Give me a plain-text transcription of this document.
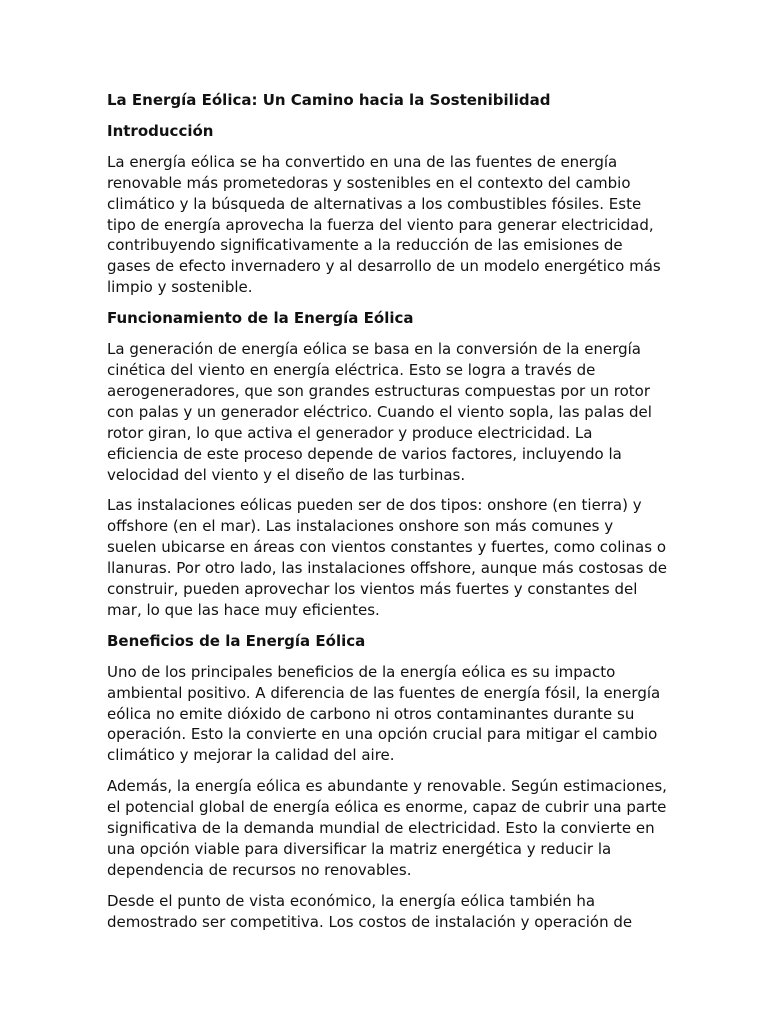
La Energía Eólica: Un Camino hacia la Sostenibilidad
Introducción
La energía eólica se ha convertido en una de las fuentes de energía renovable más prometedoras y sostenibles en el contexto del cambio climático y la búsqueda de alternativas a los combustibles fósiles. Este tipo de energía aprovecha la fuerza del viento para generar electricidad, contribuyendo significativamente a la reducción de las emisiones de gases de efecto invernadero y al desarrollo de un modelo energético más limpio y sostenible.
Funcionamiento de la Energía Eólica
La generación de energía eólica se basa en la conversión de la energía cinética del viento en energía eléctrica. Esto se logra a través de aerogeneradores, que son grandes estructuras compuestas por un rotor con palas y un generador eléctrico. Cuando el viento sopla, las palas del rotor giran, lo que activa el generador y produce electricidad. La eficiencia de este proceso depende de varios factores, incluyendo la velocidad del viento y el diseño de las turbinas.
Las instalaciones eólicas pueden ser de dos tipos: onshore (en tierra) y offshore (en el mar). Las instalaciones onshore son más comunes y suelen ubicarse en áreas con vientos constantes y fuertes, como colinas o llanuras. Por otro lado, las instalaciones offshore, aunque más costosas de construir, pueden aprovechar los vientos más fuertes y constantes del mar, lo que las hace muy eficientes.
Beneficios de la Energía Eólica
Uno de los principales beneficios de la energía eólica es su impacto ambiental positivo. A diferencia de las fuentes de energía fósil, la energía eólica no emite dióxido de carbono ni otros contaminantes durante su operación. Esto la convierte en una opción crucial para mitigar el cambio climático y mejorar la calidad del aire.
Además, la energía eólica es abundante y renovable. Según estimaciones, el potencial global de energía eólica es enorme, capaz de cubrir una parte significativa de la demanda mundial de electricidad. Esto la convierte en una opción viable para diversificar la matriz energética y reducir la dependencia de recursos no renovables.
Desde el punto de vista económico, la energía eólica también ha demostrado ser competitiva. Los costos de instalación y operación de
